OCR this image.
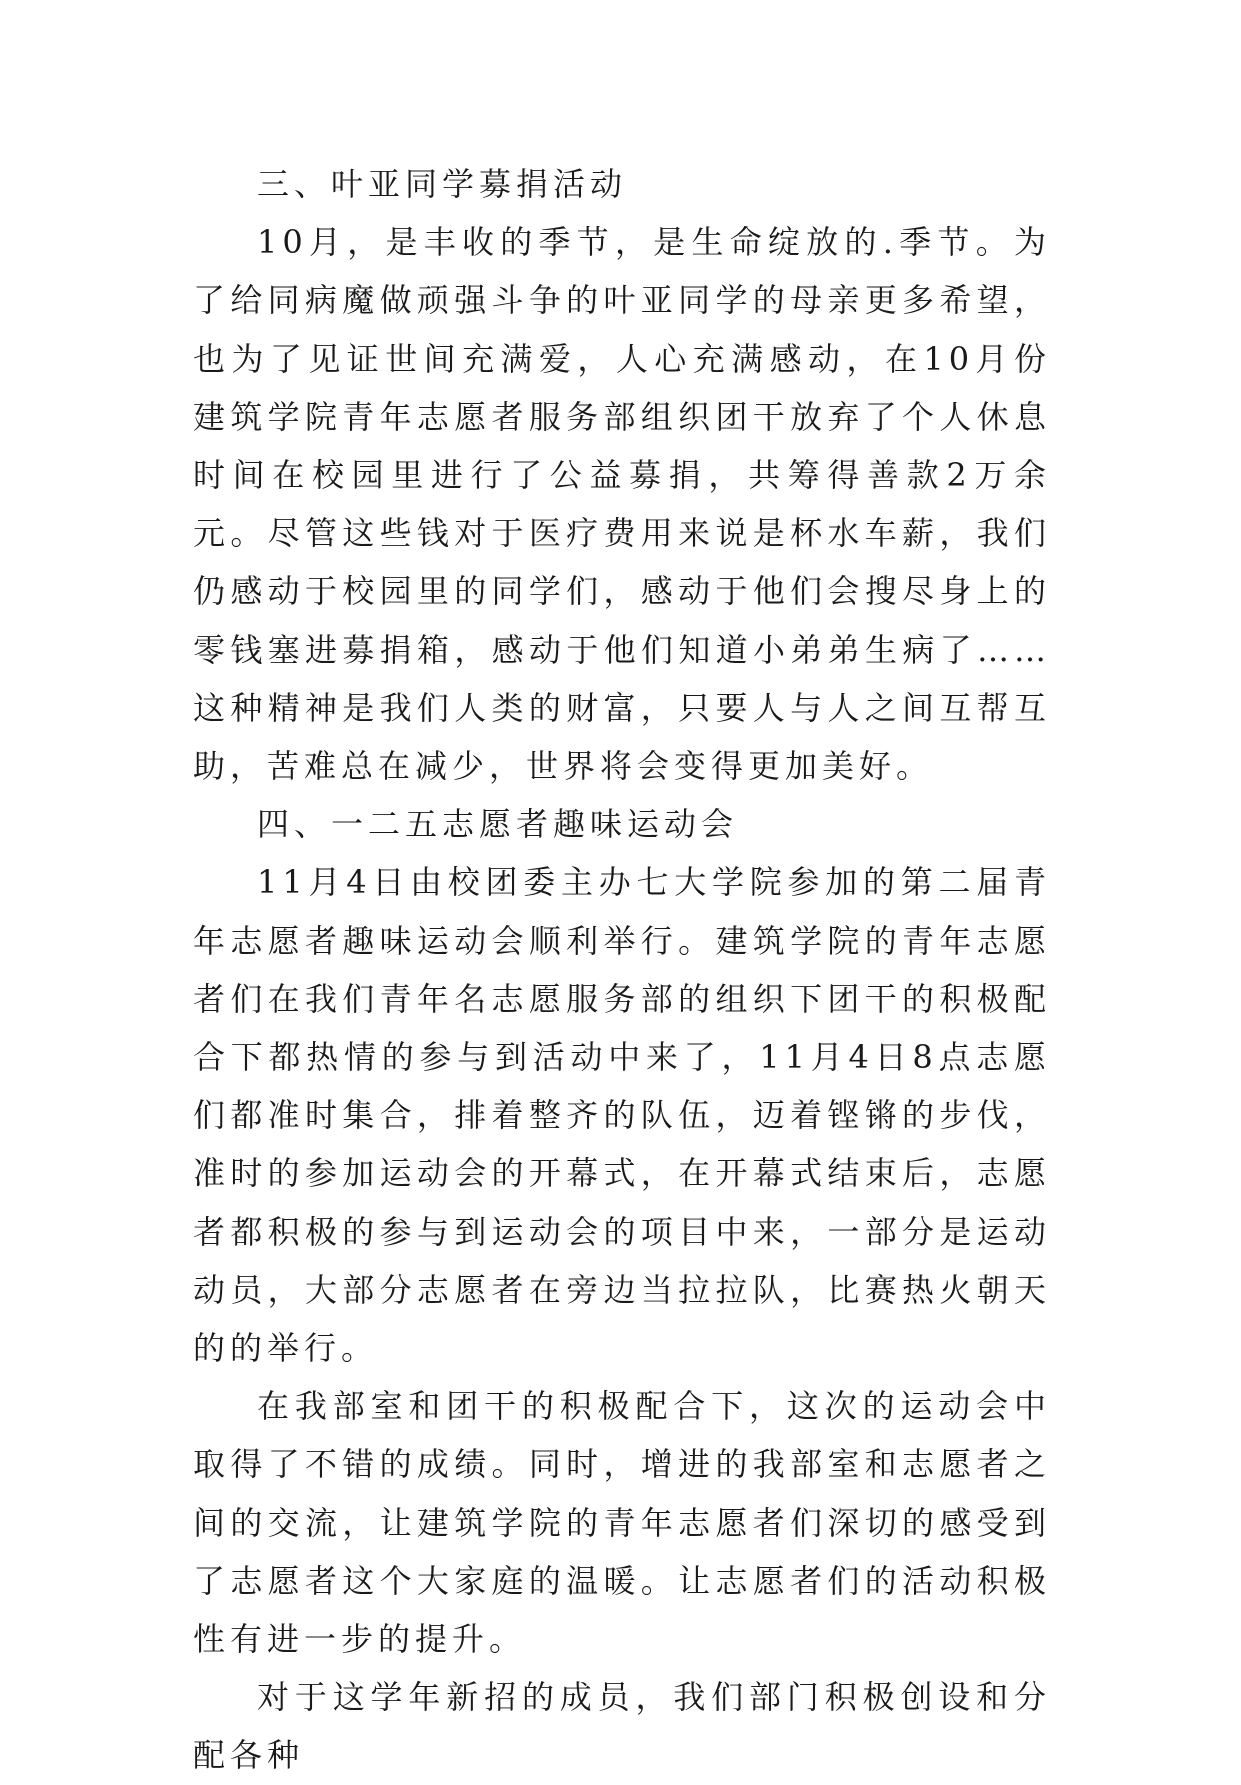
三、叶亚同学募捐活动

10月，是丰收的季节，是生命绽放的.季节。为了给同病魔做顽强斗争的叶亚同学的母亲更多希望，也为了见证世间充满爱，人心充满感动，在10月份建筑学院青年志愿者服务部组织团干放弃了个人休息时间在校园里进行了公益募捐，共筹得善款2万余元。尽管这些钱对于医疗费用来说是杯水车薪，我们仍感动于校园里的同学们，感动于他们会搜尽身上的零钱塞进募捐箱，感动于他们知道小弟弟生病了……这种精神是我们人类的财富，只要人与人之间互帮互助，苦难总在减少，世界将会变得更加美好。

四、一二五志愿者趣味运动会

11月4日由校团委主办七大学院参加的第二届青年志愿者趣味运动会顺利举行。建筑学院的青年志愿者们在我们青年名志愿服务部的组织下团干的积极配合下都热情的参与到活动中来了，11月4日8点志愿们都准时集合，排着整齐的队伍，迈着铿锵的步伐，准时的参加运动会的开幕式，在开幕式结束后，志愿者都积极的参与到运动会的项目中来，一部分是运动动员，大部分志愿者在旁边当拉拉队，比赛热火朝天的的举行。

在我部室和团干的积极配合下，这次的运动会中取得了不错的成绩。同时，增进的我部室和志愿者之间的交流，让建筑学院的青年志愿者们深切的感受到了志愿者这个大家庭的温暖。让志愿者们的活动积极性有进一步的提升。

对于这学年新招的成员，我们部门积极创设和分配各种
